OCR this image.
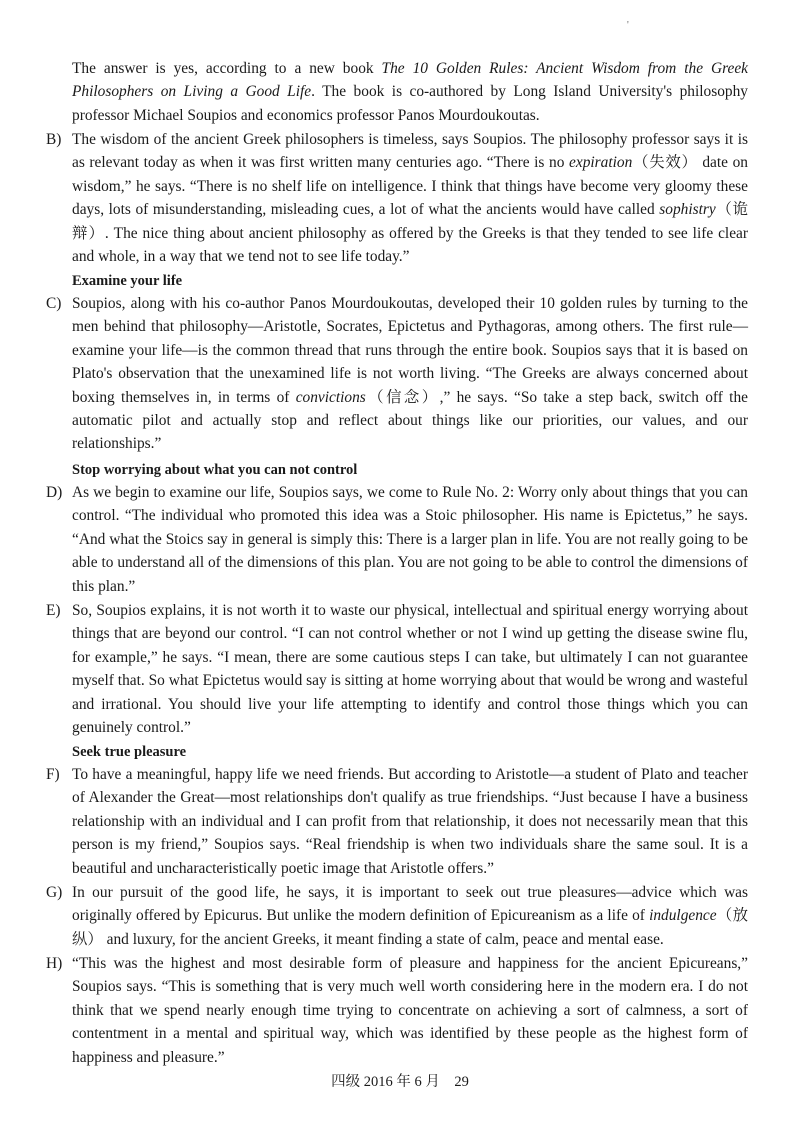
'

The answer is yes, according to a new book The 10 Golden Rules: Ancient Wisdom from the Greek Philosophers on Living a Good Life. The book is co-authored by Long Island University's philosophy professor Michael Soupios and economics professor Panos Mourdoukoutas.

B) The wisdom of the ancient Greek philosophers is timeless, says Soupios. The philosophy professor says it is as relevant today as when it was first written many centuries ago. “There is no expiration（失效） date on wisdom,” he says. “There is no shelf life on intelligence. I think that things have become very gloomy these days, lots of misunderstanding, misleading cues, a lot of what the ancients would have called sophistry（诡辩）. The nice thing about ancient philosophy as offered by the Greeks is that they tended to see life clear and whole, in a way that we tend not to see life today.”

Examine your life

C) Soupios, along with his co-author Panos Mourdoukoutas, developed their 10 golden rules by turning to the men behind that philosophy—Aristotle, Socrates, Epictetus and Pythagoras, among others. The first rule—examine your life—is the common thread that runs through the entire book. Soupios says that it is based on Plato's observation that the unexamined life is not worth living. “The Greeks are always concerned about boxing themselves in, in terms of convictions（信念）,” he says. “So take a step back, switch off the automatic pilot and actually stop and reflect about things like our priorities, our values, and our relationships.”

Stop worrying about what you can not control

D) As we begin to examine our life, Soupios says, we come to Rule No. 2: Worry only about things that you can control. “The individual who promoted this idea was a Stoic philosopher. His name is Epictetus,” he says. “And what the Stoics say in general is simply this: There is a larger plan in life. You are not really going to be able to understand all of the dimensions of this plan. You are not going to be able to control the dimensions of this plan.”

E) So, Soupios explains, it is not worth it to waste our physical, intellectual and spiritual energy worrying about things that are beyond our control. “I can not control whether or not I wind up getting the disease swine flu, for example,” he says. “I mean, there are some cautious steps I can take, but ultimately I can not guarantee myself that. So what Epictetus would say is sitting at home worrying about that would be wrong and wasteful and irrational. You should live your life attempting to identify and control those things which you can genuinely control.”

Seek true pleasure

F) To have a meaningful, happy life we need friends. But according to Aristotle—a student of Plato and teacher of Alexander the Great—most relationships don't qualify as true friendships. “Just because I have a business relationship with an individual and I can profit from that relationship, it does not necessarily mean that this person is my friend,” Soupios says. “Real friendship is when two individuals share the same soul. It is a beautiful and uncharacteristically poetic image that Aristotle offers.”

G) In our pursuit of the good life, he says, it is important to seek out true pleasures—advice which was originally offered by Epicurus. But unlike the modern definition of Epicureanism as a life of indulgence（放纵） and luxury, for the ancient Greeks, it meant finding a state of calm, peace and mental ease.

H) “This was the highest and most desirable form of pleasure and happiness for the ancient Epicureans,” Soupios says. “This is something that is very much well worth considering here in the modern era. I do not think that we spend nearly enough time trying to concentrate on achieving a sort of calmness, a sort of contentment in a mental and spiritual way, which was identified by these people as the highest form of happiness and pleasure.”

四级 2016 年 6 月　29
